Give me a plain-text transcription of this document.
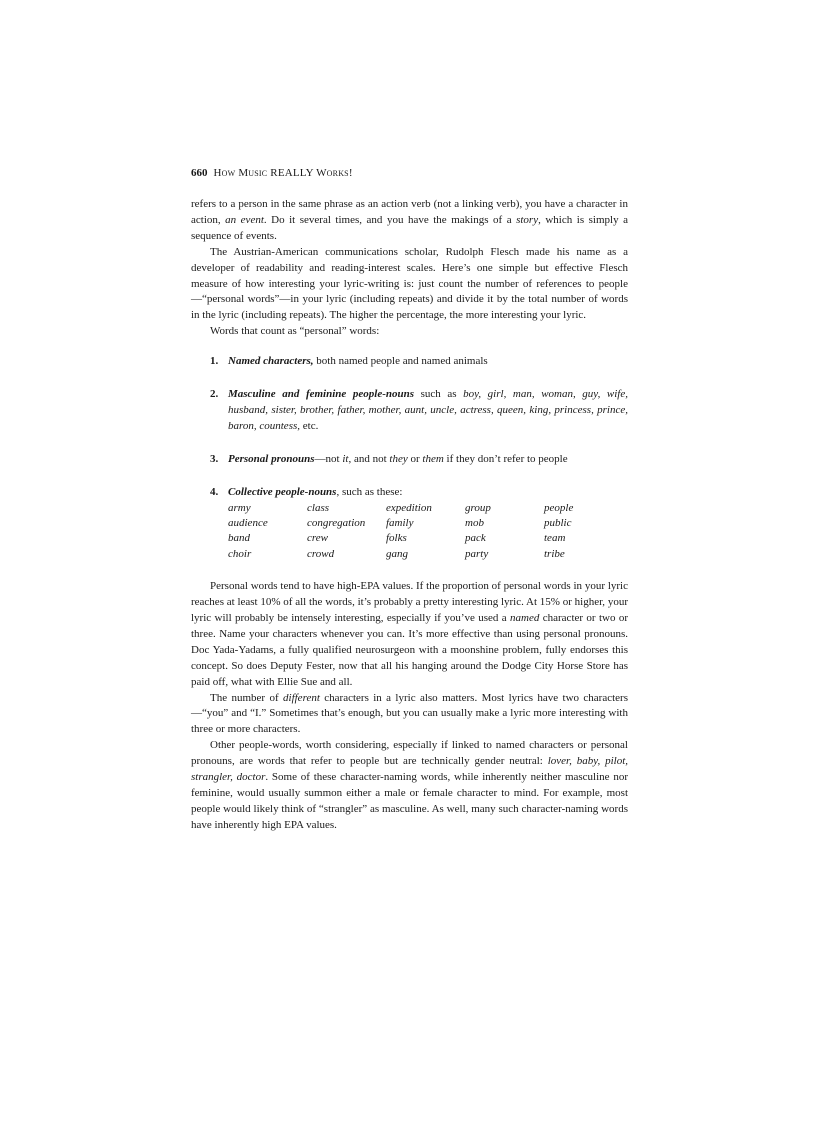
660 How Music REALLY Works!

refers to a person in the same phrase as an action verb (not a linking verb), you have a character in action, an event. Do it several times, and you have the makings of a story, which is simply a sequence of events.

The Austrian-American communications scholar, Rudolph Flesch made his name as a developer of readability and reading-interest scales. Here’s one simple but effective Flesch measure of how interesting your lyric-writing is: just count the number of references to people—“personal words”—in your lyric (including repeats) and divide it by the total number of words in the lyric (including repeats). The higher the percentage, the more interesting your lyric.

Words that count as “personal” words:

1. Named characters, both named people and named animals
2. Masculine and feminine people-nouns such as boy, girl, man, woman, guy, wife, husband, sister, brother, father, mother, aunt, uncle, actress, queen, king, princess, prince, baron, countess, etc.
3. Personal pronouns—not it, and not they or them if they don’t refer to people
4. Collective people-nouns, such as these:
army	class	expedition	group	people
audience	congregation	family	mob	public
band	crew	folks	pack	team
choir	crowd	gang	party	tribe

Personal words tend to have high-EPA values. If the proportion of personal words in your lyric reaches at least 10% of all the words, it’s probably a pretty interesting lyric. At 15% or higher, your lyric will probably be intensely interesting, especially if you’ve used a named character or two or three. Name your characters whenever you can. It’s more effective than using personal pronouns. Doc Yada-Yadams, a fully qualified neurosurgeon with a moonshine problem, fully endorses this concept. So does Deputy Fester, now that all his hanging around the Dodge City Horse Store has paid off, what with Ellie Sue and all.

The number of different characters in a lyric also matters. Most lyrics have two characters—“you” and “I.” Sometimes that’s enough, but you can usually make a lyric more interesting with three or more characters.

Other people-words, worth considering, especially if linked to named characters or personal pronouns, are words that refer to people but are technically gender neutral: lover, baby, pilot, strangler, doctor. Some of these character-naming words, while inherently neither masculine nor feminine, would usually summon either a male or female character to mind. For example, most people would likely think of “strangler” as masculine. As well, many such character-naming words have inherently high EPA values.
